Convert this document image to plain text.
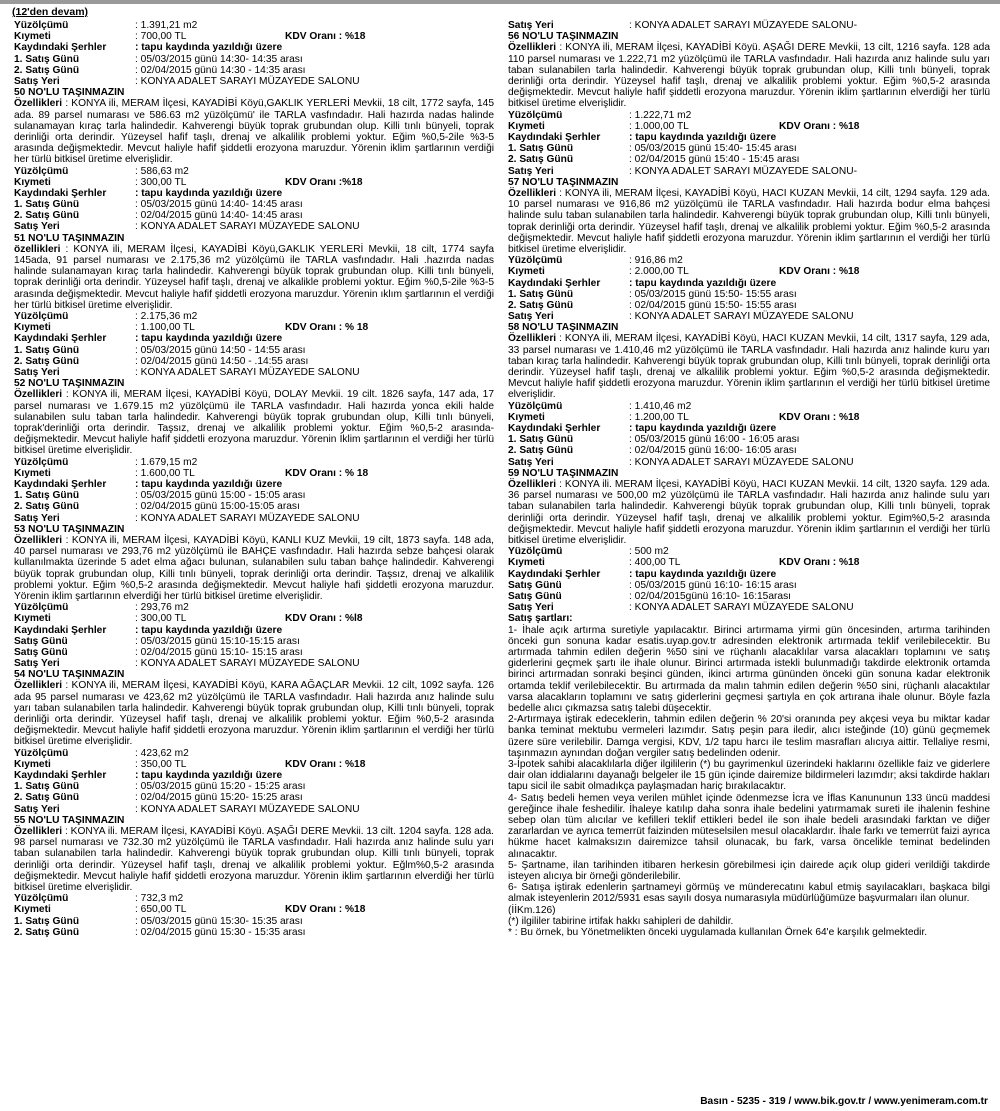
(12'den devam)
Yüzölçümü	: 1.391,21 m2
Kıymeti	: 700,00 TL	KDV Oranı : %18
Kaydındaki Şerhler	: tapu kaydında yazıldığı üzere
1. Satış Günü	: 05/03/2015 günü 14:30- 14:35 arası
2. Satış Günü	: 02/04/2015 günü 14:30 - 14:35 arası
Satış Yeri	: KONYA ADALET SARAYI MÜZAYEDE SALONU
50 NO'LU TAŞINMAZIN
Özellikleri : KONYA ili, MERAM İlçesi, KAYADİBİ Köyü,GAKLIK YERLERİ Mevkii, 18 cilt, 1772 sayfa, 145 ada. 89 parsel numarası ve 586.63 m2 yüzölçümü' ile TARLA vasfındadır. Hali hazırda nadas halinde sulanamayan kıraç tarla halindedir. Kahverengi büyük toprak grubundan olup. Killi tınlı bünyeli, toprak derinliği orta derindir. Yüzeysel hafif taşlı, drenaj ve alkalilik problemi yoktur. Eğim %0,5-2ile %3-5 arasında değişmektedir. Mevcut haliyle hafif şiddetli erozyona maruzdur. Yörenin iklim şartlarının verdiği her türlü bitkisel üretime elverişlidir.
Yüzölçümü	: 586,63 m2
Kıymeti	: 300,00 TL	KDV Oranı :%18
Kaydındaki Şerhler	: tapu kaydında yazıldığı üzere
1. Satış Günü	: 05/03/2015 günü 14:40- 14:45 arası
2. Satış Günü	: 02/04/2015 günü 14:40- 14:45 arası
Satış Yeri	: KONYA ADALET SARAYI MÜZAYEDE SALONU
51 NO'LU TAŞINMAZIN
özellikleri : KONYA ili, MERAM İlçesi, KAYADİBİ Köyü,GAKLIK YERLERİ Mevkii, 18 cilt, 1774 sayfa 145ada, 91 parsel numarası ve 2.175,36 m2 yüzölçümü ile TARLA vasfındadır. Hali .hazırda nadas halinde sulanamayan kıraç tarla halindedir. Kahverengi büyük toprak grubundan olup. Killi tınlı bünyeli, toprak derinliği orta derindir. Yüzeysel hafif taşlı, drenaj ve alkalikle problemi yoktur. Eğim %0,5-2ile %3-5 arasında değişmektedir. Mevcut haliyle hafif şiddetli erozyona maruzdur. Yörenin ıklım şartlarının el verdiği her türlü bitkisel üretime elverişlidir.
Yüzölçümü	: 2.175,36 m2
Kıymeti	: 1.100,00 TL	KDV Oranı : % 18
Kaydındaki Şerhler	: tapu kaydında yazıldığı üzere
1. Satış Günü	: 05/03/2015 günü 14:50 - 14:55 arası
2. Satış Günü	: 02/04/2015 günü 14:50 - .14:55 arası
Satış Yeri	: KONYA ADALET SARAYI MÜZAYEDE SALONU
52 NO'LU TAŞINMAZIN
Özellikleri : KONYA ili, MERAM İlçesi, KAYADİBİ Köyü, DOLAY Mevkii. 19 cilt. 1826 sayfa, 147 ada, 17 parsel numarası ve 1.679.15 m2 yüzölçümü ile TARLA vasfındadır. Hali hazırda yonca ekili halde sulanabilen sulu taban tarla halindedir. Kahverengi büyük toprak grubundan olup, Killi tınlı bünyeli, toprak'derinliği orta derindir. Taşsız, drenaj ve alkalilik problemi yoktur. Eğim %0,5-2 arasında- değişmektedir. Mevcut haliyle hafif şiddetli erozyona maruzdur. Yörenin İklim şartlarının el verdiği her türlü bitkisel üretime elverişlidir.
Yüzölçümü	: 1.679,15 m2
Kıymeti	: 1.600,00 TL	KDV Oranı : % 18
Kaydındaki Şerhler	: tapu kaydında yazıldığı üzere
1. Satış Günü	: 05/03/2015 günü 15:00 - 15:05 arası
2. Satış Günü	: 02/04/2015 günü 15:00-15:05 arası
Satış Yeri	: KONYA ADALET SARAYI MÜZAYEDE SALONU
53 NO'LU TAŞINMAZIN
Özellikleri : KONYA ili, MERAM İlçesi, KAYADİBİ Köyü, KANLI KUZ Mevkii, 19 cilt, 1873 sayfa. 148 ada, 40 parsel numarası ve 293,76 m2 yüzölçümü ile BAHÇE vasfındadır. Hali hazırda sebze bahçesi olarak kullanılmakta üzerinde 5 adet elma ağacı bulunan, sulanabilen sulu taban bahçe halindedir. Kahverengi büyük toprak grubundan olup, Killi tınlı bünyeli, toprak derinliği orta derindir. Taşsız, drenaj ve alkalilik problemi yoktur. Eğim %0,5-2 arasında değişmektedir. Mevcut haliyle hafi şiddetli erozyona maruzdur. Yörenin iklim şartlarının elverdiği her türlü bitkisel üretime elverişlidir.
Yüzölçümü	: 293,76 m2
Kıymeti	: 300,00 TL	KDV Oranı : %l8
Kaydındaki Şerhler	: tapu kaydında yazıldığı üzere
Satış Günü	: 05/03/2015 günü 15:10-15:15 arası
Satış Günü	: 02/04/2015 günü 15:10- 15:15 arası
Satış Yeri	: KONYA ADALET SARAYI MÜZAYEDE SALONU
54 NO'LU TAŞINMAZIN
Özellikleri : KONYA ili, MERAM İlçesi, KAYADİBİ Köyü, KARA AĞAÇLAR Mevkii. 12 cilt, 1092 sayfa. 126 ada 95 parsel numarası ve 423,62 m2 yüzölçümü ile TARLA vasfındadır. Hali hazırda anız halinde sulu yarı taban sulanabilen tarla halindedir. Kahverengi büyük toprak grubundan olup, Killi tınlı bünyeli, toprak derinliği orta derindir. Yüzeysel hafif taşlı, drenaj ve alkalilik problemi yoktur. Eğim %0,5-2 arasında değişmektedir. Mevcut haliyle hafif şiddetli erozyona maruzdur. Yörenin iklim şartlarının el verdiği her türlü bitkisel üretime elverişlidir.
Yüzölçümü	: 423,62 m2
Kıymeti	: 350,00 TL	KDV Oranı : %18
Kaydındaki Şerhler	: tapu kaydında yazıldığı üzere
1. Satış Günü	: 05/03/2015 günü 15:20 - 15:25 arası
2. Satış Günü	: 02/04/2015 günü 15:20- 15:25 arası
Satış Yeri	: KONYA ADALET SARAYI MÜZAYEDE SALONU
55 NO'LU TAŞINMAZIN
Özellikleri : KONYA ili. MERAM İlçesi, KAYADİBİ Köyü. AŞAĞI DERE Mevkii. 13 cilt. 1204 sayfa. 128 ada. 98 parsel numarası ve 732.30 m2 yüzölçümü ile TARLA vasfındadır. Hali hazırda anız halinde sulu yarı taban sulanabilen tarla halindedir. Kahverengi büyük toprak grubundan olup. Killi tınlı bünyeli, toprak derinliği orta derindir. Yüzeysel hafif taşlı, drenaj ve alkalilik problemi yoktur. Eğlm%0,5-2 arasında değişmektedir. Mevcut haliyle hafif şiddetli erozyona maruzdur. Yörenin iklim şartlarının elverdiği her türlü bitkisel üretime elverişlidir.
Yüzölçümü	: 732,3 m2
Kıymeti	: 650,00 TL	KDV Oranı : %18
1. Satış Günü	: 05/03/2015 günü 15:30- 15:35 arası
2. Satış Günü	: 02/04/2015 günü 15:30 - 15:35 arası
Satış Yeri	: KONYA ADALET SARAYI MÜZAYEDE SALONU-
56 NO'LU TAŞINMAZIN
Özellikleri : KONYA ili, MERAM İlçesi, KAYADİBİ Köyü. AŞAĞI DERE Mevkii, 13 cilt, 1216 sayfa. 128 ada 110 parsel numarası ve 1.222,71 m2 yüzölçümü ile TARLA vasfındadır. Hali hazırda anız halinde sulu yarı taban sulanabilen tarla halindedir. Kahverengi büyük toprak grubundan olup, Killi tınlı bünyeli, toprak derinliği orta derindir. Yüzeysel hafif taşlı, drenaj ve alkalilik problemi yoktur. Eğim %0,5-2 arasında değişmektedir. Mevcut haliyle hafif şiddetli erozyona maruzdur. Yörenin iklim şartlarının elverdiği her türlü bitkisel üretime elverişlidir.
Yüzölçümü	: 1.222,71 m2
Kıymeti	: 1.000,00 TL	KDV Oranı : %18
Kaydındaki Şerhler	: tapu kaydında yazıldığı üzere
1. Satış Günü	: 05/03/2015 günü 15:40- 15:45 arası
2. Satış Günü	: 02/04/2015 günü 15:40 - 15:45 arası
Satış Yeri	: KONYA ADALET SARAYI MÜZAYEDE SALONU-
57 NO'LU TAŞINMAZIN
Özellikleri : KONYA ili, MERAM İlçesi, KAYADİBİ Köyü, HACI KUZAN Mevkii, 14 cilt, 1294 sayfa. 129 ada. 10 parsel numarası ve 916,86 m2 yüzölçümü ile TARLA vasfındadır. Hali hazırda bodur elma bahçesi halinde sulu taban sulanabilen tarla halindedir. Kahverengi büyük toprak grubundan olup, Killi tınlı bünyeli, toprak derinliği orta derindir. Yüzeysel hafif taşlı, drenaj ve alkalilik problemi yoktur. Eğim %0,5-2 arasında değişmektedir. Mevcut haliyle hafif şiddetli erozyona maruzdur. Yörenin iklim şartlarının el verdiği her türlü bitkisel üretime elverişlidir.
Yüzölçümü	: 916,86 m2
Kıymeti	: 2.000,00 TL	KDV Oranı : %18
Kaydındaki Şerhler	: tapu kaydında yazıldığı üzere
1. Satış Günü	: 05/03/2015 günü 15:50- 15:55 arası
2. Satış Günü	: 02/04/2015 günü 15:50- 15:55 arası
Satış Yeri	: KONYA ADALET SARAYI MÜZAYEDE SALONU
58 NO'LU TAŞINMAZIN
Özellikleri : KONYA ili, MERAM İlçesi, KAYADİBİ Köyü, HACI KUZAN Mevkii, 14 cilt, 1317 sayfa, 129 ada, 33 parsel numarası ve 1.410,46 m2 yüzölçümü ile TARLA vasfındadır. Hali hazırda anız halinde kuru yarı taban kıraç tarla halindedir. Kahverengi büyük toprak grubundan olup, Killi tınlı bünyeli, toprak derinliği orta derindir. Yüzeysel hafif taşlı, drenaj ve alkalilik problemi yoktur. Eğim %0,5-2 arasında değişmektedir. Mevcut haliyle hafif şiddetli erozyona maruzdur. Yörenin iklim şartlarının el verdiği her türlü bitkisel üretime elverişlidir.
Yüzölçümü	: 1.410,46 m2
Kıymeti	: 1.200,00 TL	KDV Oranı : %18
Kaydındaki Şerhler	: tapu kaydında yazıldığı üzere
1. Satış Günü	: 05/03/2015 günü 16:00 - 16:05 arası
2. Satış Günü	: 02/04/2015 günü 16:00- 16:05 arası
Satış Yeri	: KONYA ADALET SARAYI MÜZAYEDE SALONU
59 NO'LU TAŞINMAZIN
Özellikleri : KONYA ili. MERAM İlçesi, KAYADİBİ Köyü, HACI KUZAN Mevkii. 14 cilt, 1320 sayfa. 129 ada. 36 parsel numarası ve 500,00 m2 yüzölçümü ile TARLA vasfındadır. Hali hazırda anız halinde sulu yarı taban sulanabilen tarla halindedir. Kahverengi büyük toprak grubundan olup, Killi tınlı bünyeli, toprak derinliği orta derindir. Yüzeysel hafif taşlı, drenaj ve alkalilik problemi yoktur. Egim%0,5-2 arasında değişmektedir. Mevcut haliyle hafif şiddetli erozyona maruzdur. Yörenin iklim şartlarının el verdiği her türlü bitkisel üretime elverişlidir.
Yüzölçümü	: 500 m2
Kıymeti	: 400,00 TL	KDV Oranı : %18
Kaydındaki Şerhler	: tapu kaydında yazıldığı üzere
Satış Günü	: 05/03/2015 günü 16:10- 16:15 arası
Satış Günü	: 02/04/2015günü 16:10- 16:15arası
Satış Yeri	: KONYA ADALET SARAYI MÜZAYEDE SALONU
Satış şartları:
1- İhale açık artırma suretiyle yapılacaktır. Birinci artırmama yirmi gün öncesinden, artırma tarihinden önceki gun sonuna kadar esatis.uyap.gov.tr adresinden elektronik artırmada teklif verilebilecektir. Bu artırmada tahmin edilen değerin %50 sini ve rüçhanlı alacaklılar varsa alacakları toplamını ve satış giderlerini geçmek şartı ile ihale olunur. Birinci artırmada istekli bulunmadığı takdirde elektronik ortamda birinci artırmadan sonraki beşinci günden, ikinci artırma gününden önceki gün sonuna kadar elektronik ortamda teklif verilebilecektir. Bu artırmada da malın tahmin edilen değerin %50 sini, rüçhanlı alacaktılar varsa alacakların toplamını ve satış giderlerini geçmesi şartıyla en çok artırana ihale olunur. Böyle fazla bedelle alıcı çıkmazsa satış talebi düşecektir.
2-Artırmaya iştirak edeceklerin, tahmin edilen değerin % 20'si oranında pey akçesi veya bu miktar kadar banka teminat mektubu vermeleri lazımdır. Satış peşin para iledir, alıcı isteğinde (10) günü geçmemek üzere süre verilebilir. Damga vergisi, KDV, 1/2 tapu harcı ile teslim masrafları alıcıya aittir. Tellaliye resmi, taşınmazın aynından doğan vergiler satış bedelinden odenir.
3-İpotek sahibi alacaklılarla diğer ilgililerin (*) bu gayrimenkul üzerindeki haklarını özellikle faiz ve giderlere dair olan iddialarını dayanağı belgeler ile 15 gün içinde dairemize bildirmeleri lazımdır; aksi takdirde hakları tapu sicil ile sabit olmadıkça paylaşmadan hariç bırakılacaktır.
4- Satış bedeli hemen veya verilen mühlet içinde ödenmezse İcra ve İflas Kanununun 133 üncü maddesi gereğince ihale feshedilir. İhaleye katılıp daha sonra ihale bedelini yatırmamak sureti ile ihalenin feshine sebep olan tüm alıcılar ve kefilleri teklif ettikleri bedel ile son ihale bedeli arasındaki farktan ve diğer zararlardan ve ayrıca temerrüt faizinden müteselsilen mesul olacaklardır. İhale farkı ve temerrüt faizi ayrıca hükme hacet kalmaksızın dairemizce tahsil olunacak, bu fark, varsa öncelikle teminat bedelinden alınacaktır.
5- Şartname, ilan tarihinden itibaren herkesin görebilmesi için dairede açık olup gideri verildiği takdirde isteyen alıcıya bir örneği gönderilebilir.
6- Satışa iştirak edenlerin şartnameyi görmüş ve münderecatını kabul etmiş sayılacakları, başkaca bilgi almak isteyenlerin 2012/5931 esas sayılı dosya numarasıyla müdürlüğümüze başvurmaları ilan olunur.
(İİKm.126)
(*) ilgililer tabirine irtifak hakkı sahipleri de dahildir.
* : Bu örnek, bu Yönetmelikten önceki uygulamada kullanılan Örnek 64'e karşılık gelmektedir.
Basın - 5235 - 319 / www.bik.gov.tr / www.yenimeram.com.tr
